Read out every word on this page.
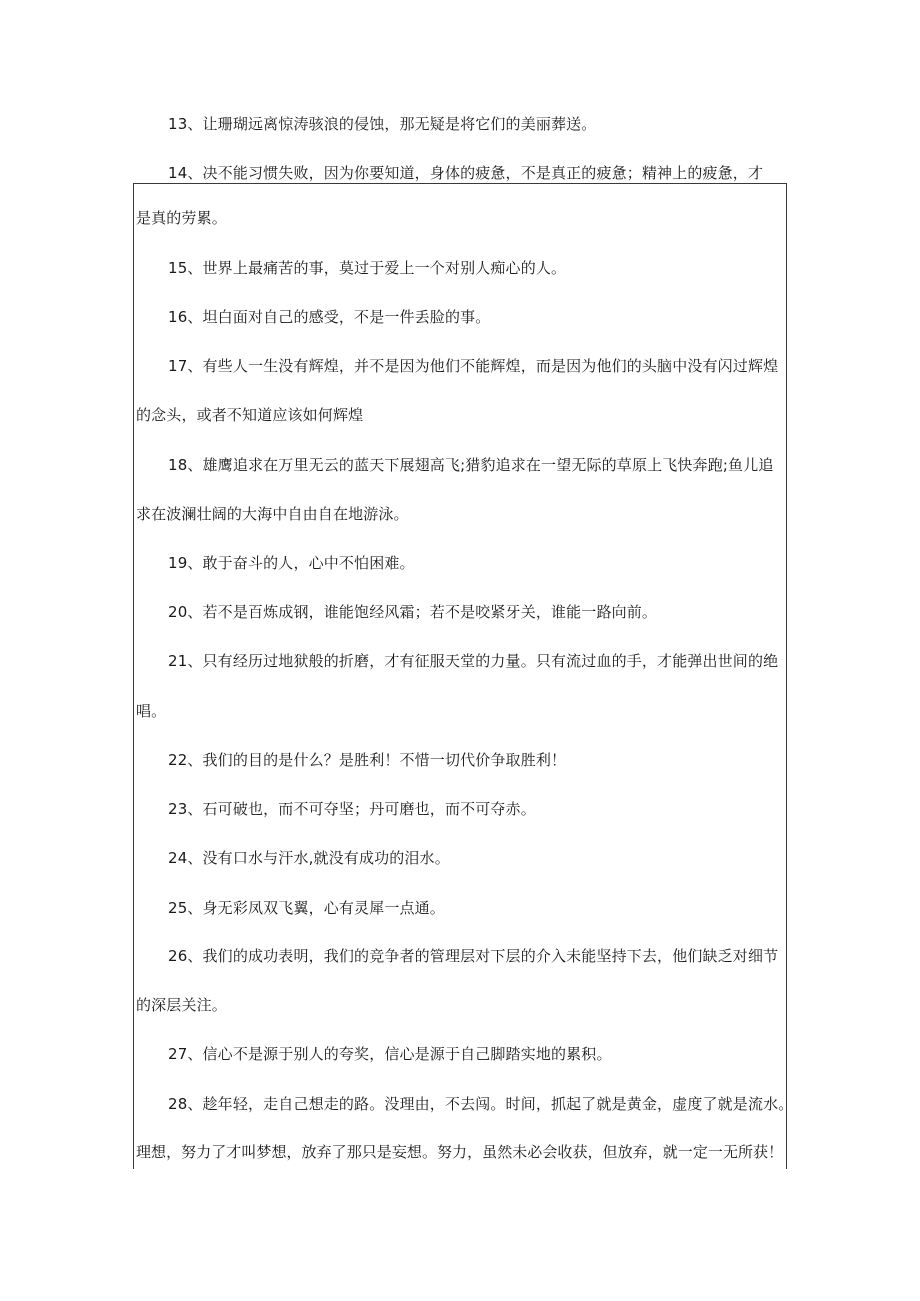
13、让珊瑚远离惊涛骇浪的侵蚀，那无疑是将它们的美丽葬送。
14、决不能习惯失败，因为你要知道，身体的疲惫，不是真正的疲惫；精神上的疲惫，才
是真的劳累。
15、世界上最痛苦的事，莫过于爱上一个对别人痴心的人。
16、坦白面对自己的感受，不是一件丢脸的事。
17、有些人一生没有辉煌，并不是因为他们不能辉煌，而是因为他们的头脑中没有闪过辉煌
的念头，或者不知道应该如何辉煌
18、雄鹰追求在万里无云的蓝天下展翅高飞;猎豹追求在一望无际的草原上飞快奔跑;鱼儿追
求在波澜壮阔的大海中自由自在地游泳。
19、敢于奋斗的人，心中不怕困难。
20、若不是百炼成钢，谁能饱经风霜；若不是咬紧牙关，谁能一路向前。
21、只有经历过地狱般的折磨，才有征服天堂的力量。只有流过血的手，才能弹出世间的绝
唱。
22、我们的目的是什么？是胜利！不惜一切代价争取胜利！
23、石可破也，而不可夺坚；丹可磨也，而不可夺赤。
24、没有口水与汗水,就没有成功的泪水。
25、身无彩凤双飞翼，心有灵犀一点通。
26、我们的成功表明，我们的竞争者的管理层对下层的介入未能坚持下去，他们缺乏对细节
的深层关注。
27、信心不是源于别人的夸奖，信心是源于自己脚踏实地的累积。
28、趁年轻，走自己想走的路。没理由，不去闯。时间，抓起了就是黄金，虚度了就是流水。
理想，努力了才叫梦想，放弃了那只是妄想。努力，虽然未必会收获，但放弃，就一定一无所获！
